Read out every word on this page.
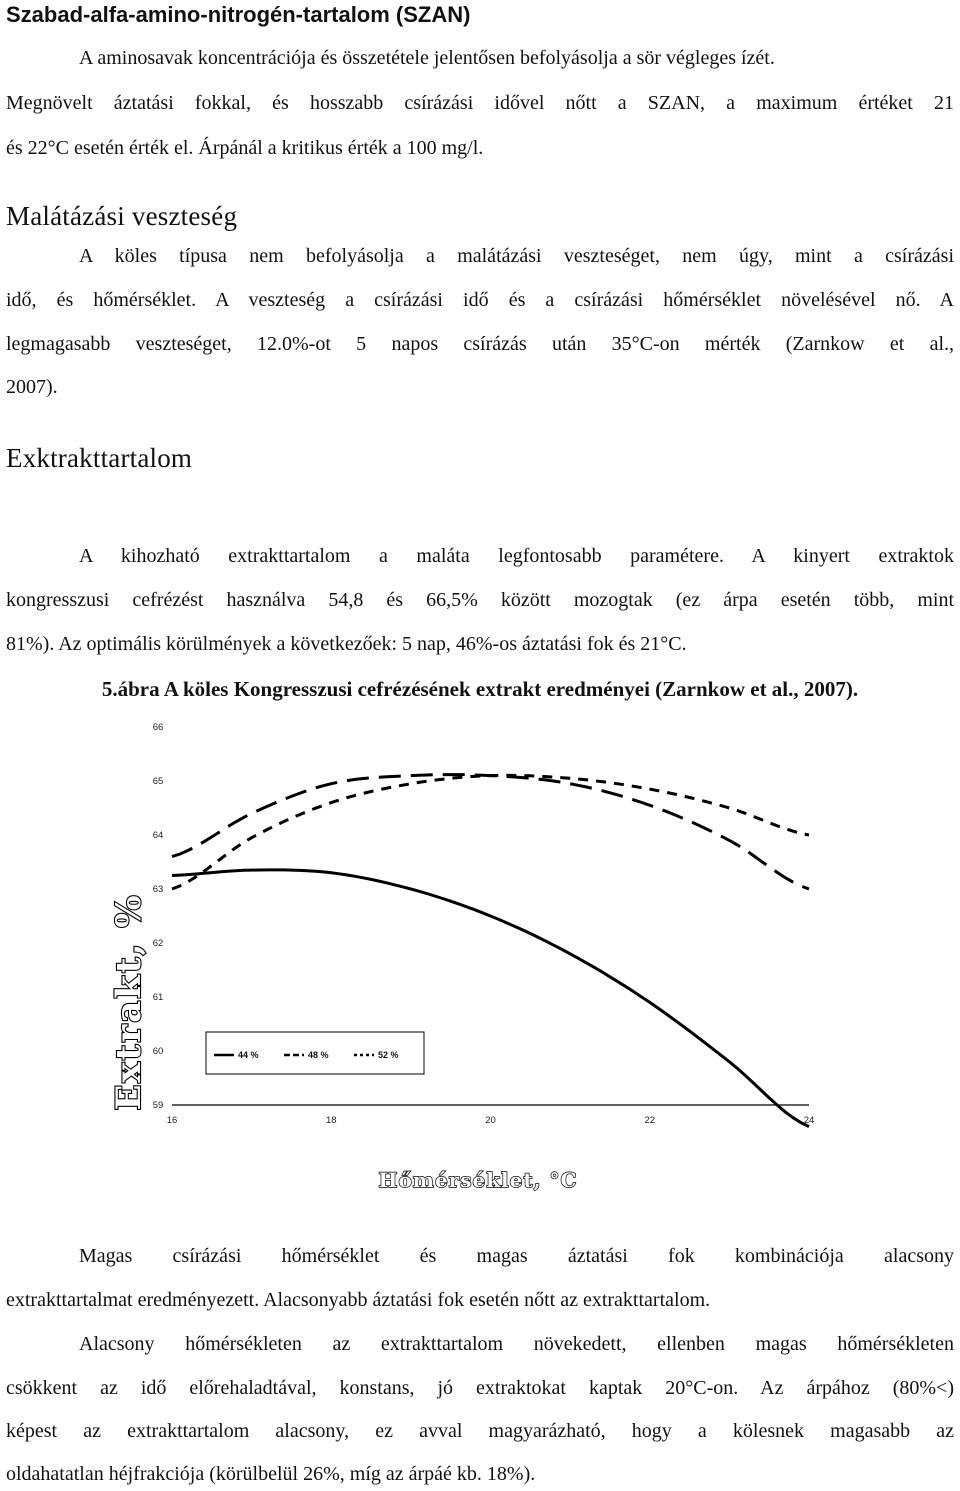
Szabad-alfa-amino-nitrogén-tartalom (SZAN)
A aminosavak koncentrációja és összetétele jelentősen befolyásolja a sör végleges ízét.
Megnövelt áztatási fokkal, és hosszabb csírázási idővel nőtt a SZAN, a maximum értéket 21
és 22°C esetén érték el. Árpánál a kritikus érték a 100 mg/l.
Malátázási veszteség
A köles típusa nem befolyásolja a malátázási veszteséget, nem úgy, mint a csírázási
idő, és hőmérséklet. A veszteség a csírázási idő és a csírázási hőmérséklet növelésével nő. A
legmagasabb veszteséget, 12.0%-ot 5 napos csírázás után 35°C-on mérték (Zarnkow et al.,
2007).
Exktrakttartalom
A kihozható extrakttartalom a maláta legfontosabb paramétere. A kinyert extraktok
kongresszusi cefrézést használva 54,8 és 66,5% között mozogtak (ez árpa esetén több, mint
81%). Az optimális körülmények a következőek: 5 nap, 46%-os áztatási fok és 21°C.
5.ábra A köles Kongresszusi cefrézésének extrakt eredményei (Zarnkow et al., 2007).
59
60
61
62
63
64
65
66
16	18	20	22	24
44 %	48 %	52 %
Extrakt, %
Hőmérséklet, °C
Magas csírázási hőmérséklet és magas áztatási fok kombinációja alacsony
extrakttartalmat eredményezett. Alacsonyabb áztatási fok esetén nőtt az extrakttartalom.
Alacsony hőmérsékleten az extrakttartalom növekedett, ellenben magas hőmérsékleten
csökkent az idő előrehaladtával, konstans, jó extraktokat kaptak 20°C-on. Az árpához (80%<)
képest az extrakttartalom alacsony, ez avval magyarázható, hogy a kölesnek magasabb az
oldahatatlan héjfrakciója (körülbelül 26%, míg az árpáé kb. 18%).
